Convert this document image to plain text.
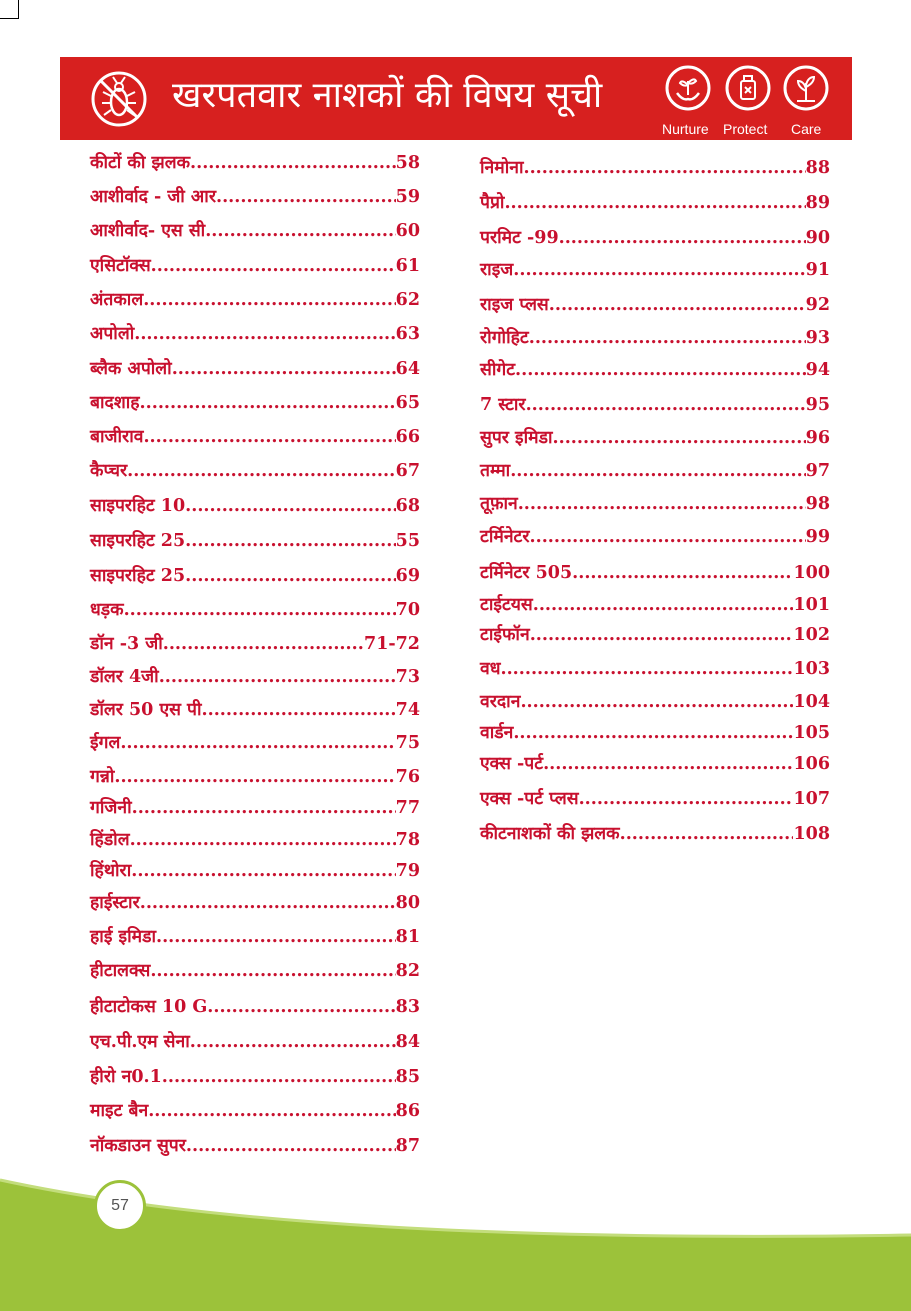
खरपतवार नाशकों की विषय सूची
Nurture Protect Care
कीटों की झलक .....	58
आशीर्वाद - जी आर .....	59
आशीर्वाद- एस सी .....	60
एसिटॉक्स .....	61
अंतकाल .....	62
अपोलो .....	63
ब्लैक अपोलो .....	64
बादशाह .....	65
बाजीराव .....	66
कैप्चर .....	67
साइपरहिट 10 .....	68
साइपरहिट 25 .....	55
साइपरहिट 25 .....	69
धड़क .....	70
डॉन -3 जी .....	71-72
डॉलर 4जी .....	73
डॉलर 50 एस पी .....	74
ईगल .....	75
गन्नो .....	76
गजिनी .....	77
हिंडोल .....	78
हिंथोरा .....	79
हाईस्टार .....	80
हाई इमिडा .....	81
हीटालक्स .....	82
हीटाटोकस 10 G .....	83
एच.पी.एम सेना .....	84
हीरो न0.1 .....	85
माइट बैन .....	86
नॉकडाउन सुपर .....	87
निमोना .....	88
पैप्रो .....	89
परमिट -99 .....	90
राइज .....	91
राइज प्लस .....	92
रोगोहिट .....	93
सीगेट .....	94
7 स्टार .....	95
सुपर इमिडा .....	96
तम्मा .....	97
तूफ़ान .....	98
टर्मिनेटर .....	99
टर्मिनेटर 505 .....	100
टाईटयस .....	101
टाईफॉन .....	102
वध .....	103
वरदान .....	104
वार्डन .....	105
एक्स -पर्ट .....	106
एक्स -पर्ट प्लस .....	107
कीटनाशकों की झलक .....	108
57
